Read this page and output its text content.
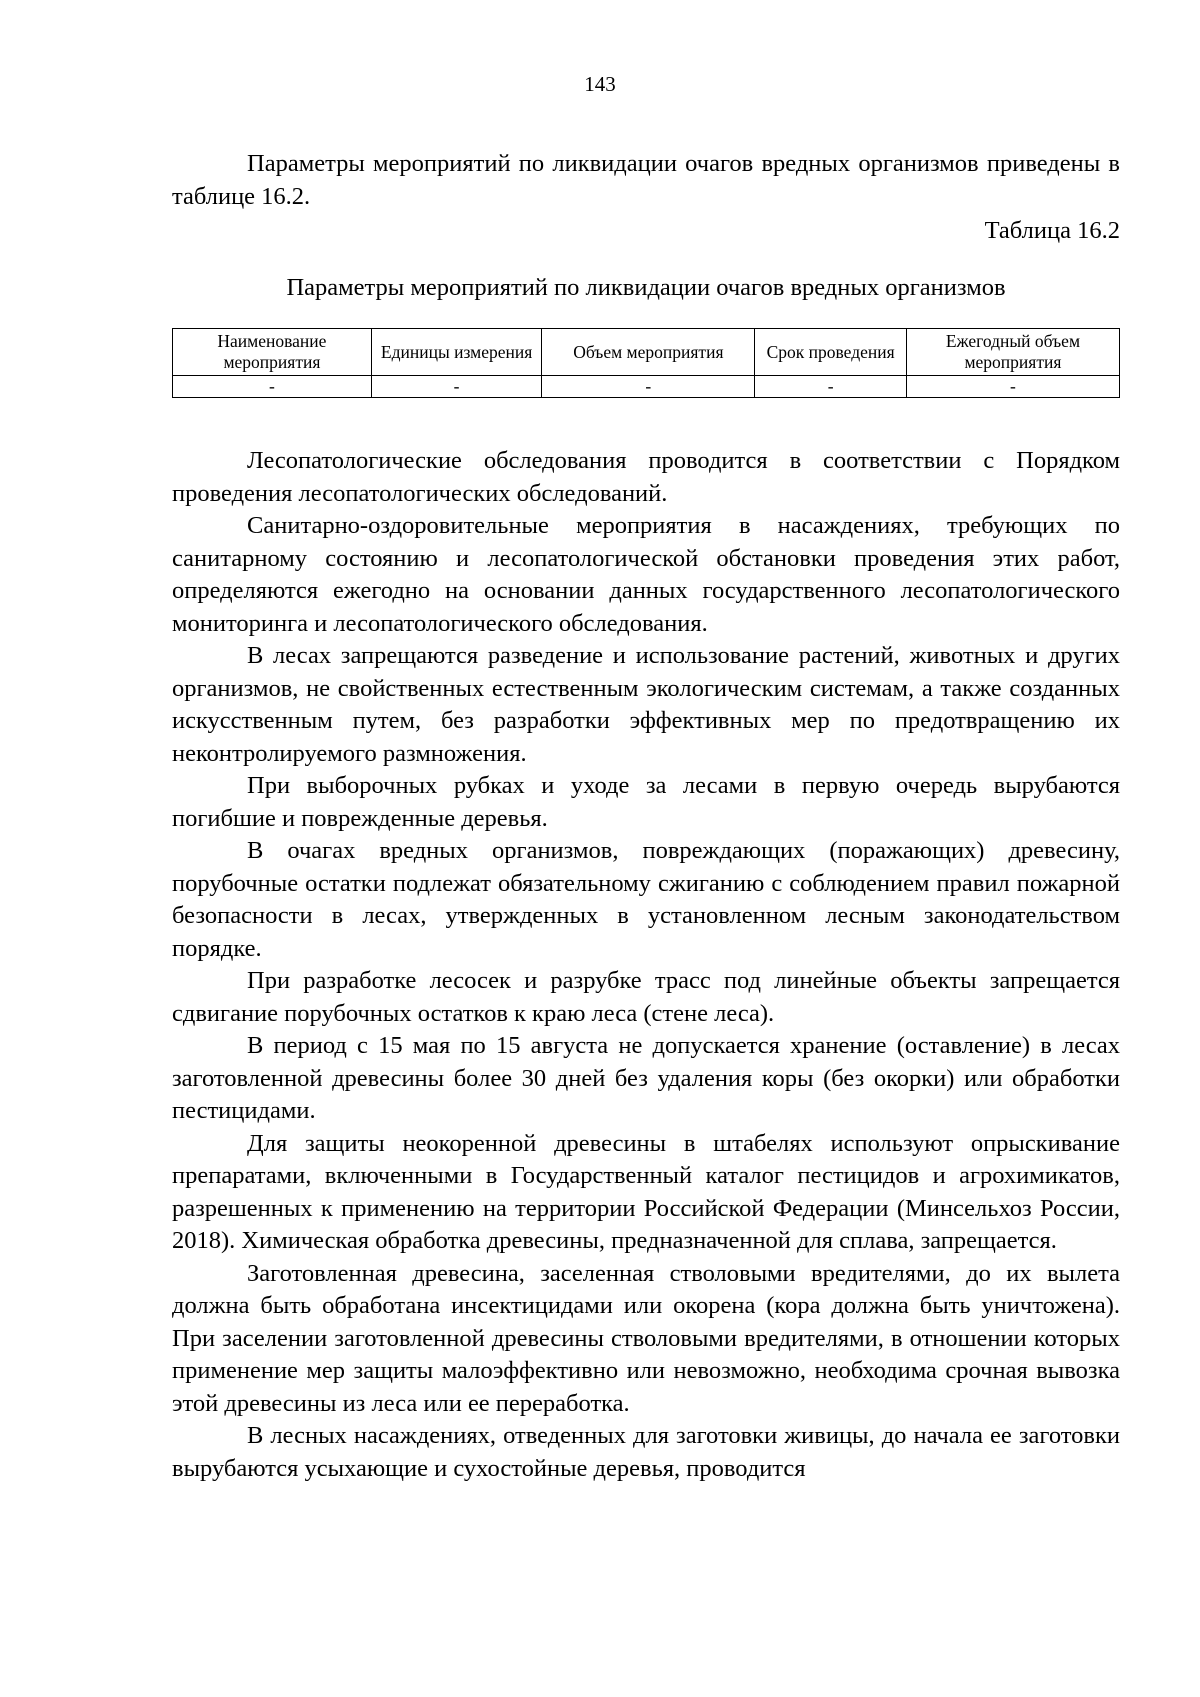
143

Параметры мероприятий по ликвидации очагов вредных организмов приведены в таблице 16.2.

Таблица 16.2

Параметры мероприятий по ликвидации очагов вредных организмов

Наименование мероприятия	Единицы измерения	Объем мероприятия	Срок проведения	Ежегодный объем мероприятия
-	-	-	-	-

Лесопатологические обследования проводится в соответствии с Порядком проведения лесопатологических обследований.

Санитарно-оздоровительные мероприятия в насаждениях, требующих по санитарному состоянию и лесопатологической обстановки проведения этих работ, определяются ежегодно на основании данных государственного лесопатологического мониторинга и лесопатологического обследования.

В лесах запрещаются разведение и использование растений, животных и других организмов, не свойственных естественным экологическим системам, а также созданных искусственным путем, без разработки эффективных мер по предотвращению их неконтролируемого размножения.

При выборочных рубках и уходе за лесами в первую очередь вырубаются погибшие и поврежденные деревья.

В очагах вредных организмов, повреждающих (поражающих) древесину, порубочные остатки подлежат обязательному сжиганию с соблюдением правил пожарной безопасности в лесах, утвержденных в установленном лесным законодательством порядке.

При разработке лесосек и разрубке трасс под линейные объекты запрещается сдвигание порубочных остатков к краю леса (стене леса).

В период с 15 мая по 15 августа не допускается хранение (оставление) в лесах заготовленной древесины более 30 дней без удаления коры (без окорки) или обработки пестицидами.

Для защиты неокоренной древесины в штабелях используют опрыскивание препаратами, включенными в Государственный каталог пестицидов и агрохимикатов, разрешенных к применению на территории Российской Федерации (Минсельхоз России, 2018). Химическая обработка древесины, предназначенной для сплава, запрещается.

Заготовленная древесина, заселенная стволовыми вредителями, до их вылета должна быть обработана инсектицидами или окорена (кора должна быть уничтожена). При заселении заготовленной древесины стволовыми вредителями, в отношении которых применение мер защиты малоэффективно или невозможно, необходима срочная вывозка этой древесины из леса или ее переработка.

В лесных насаждениях, отведенных для заготовки живицы, до начала ее заготовки вырубаются усыхающие и сухостойные деревья, проводится
